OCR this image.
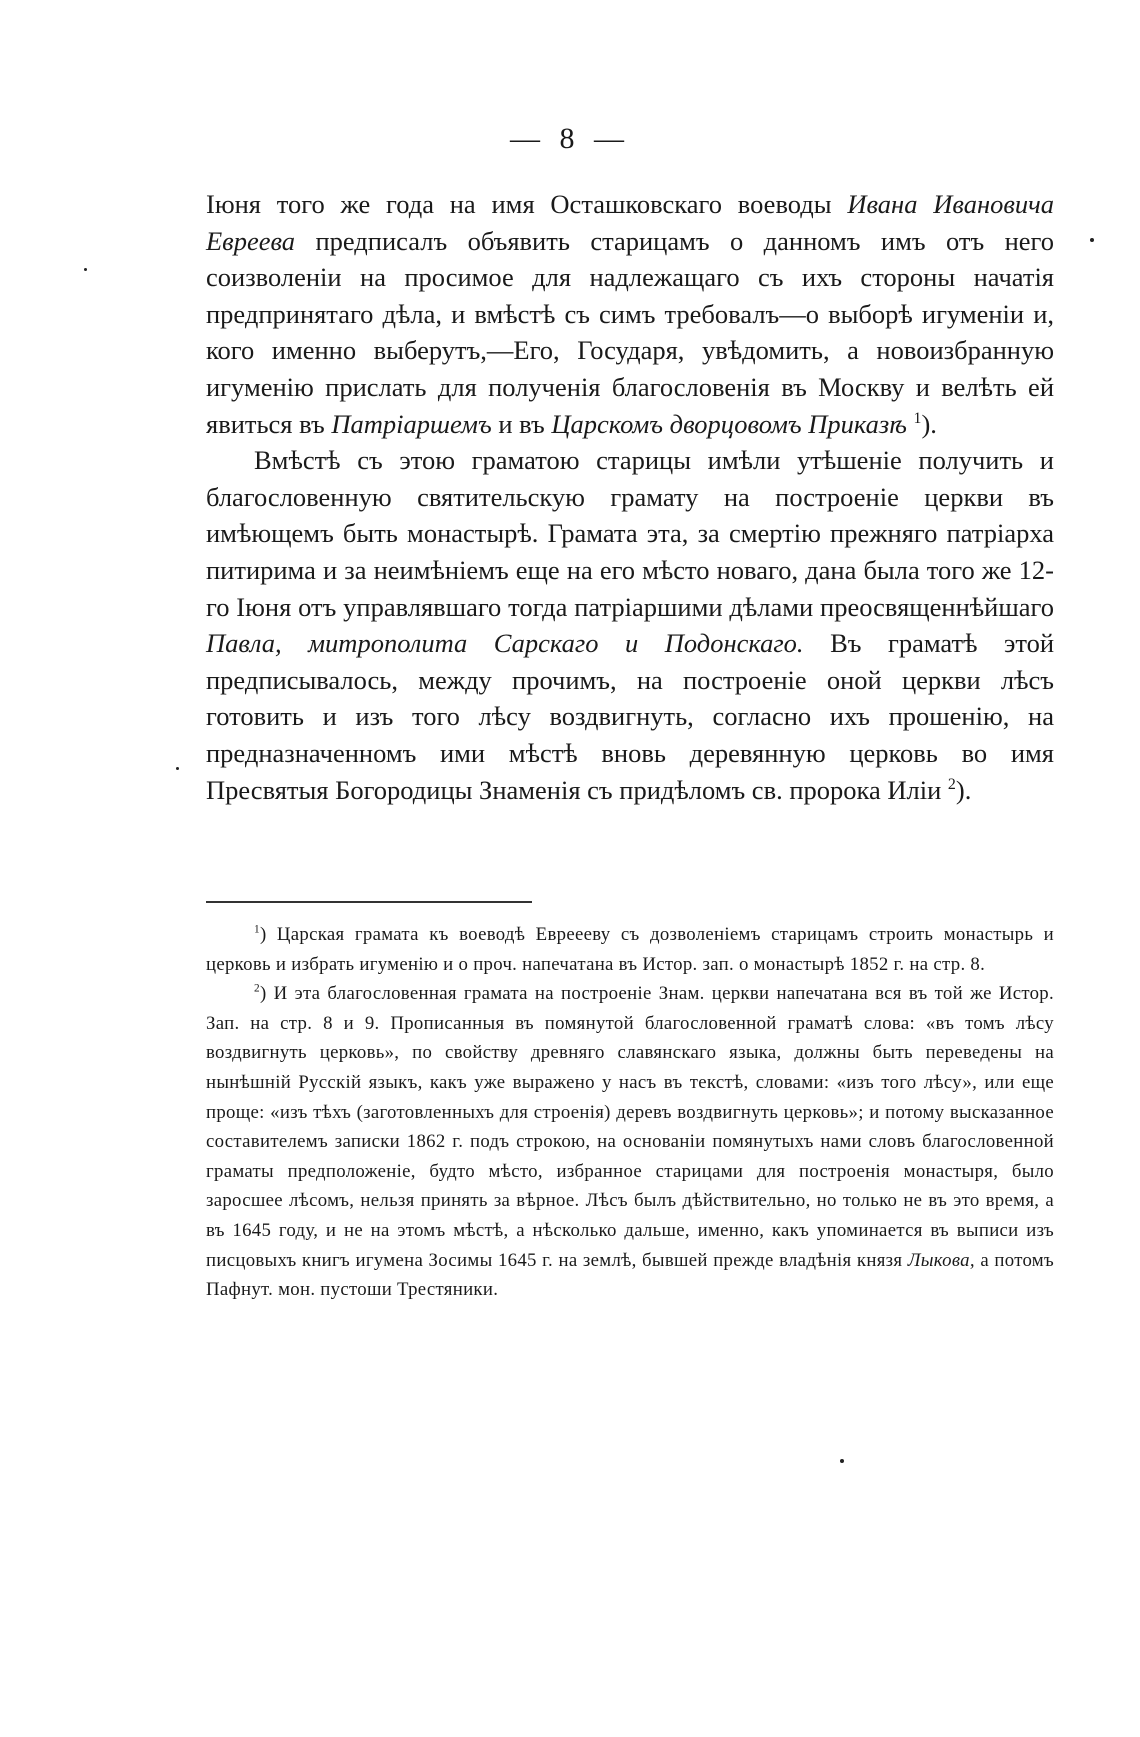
— 8 —

Іюня того же года на имя Осташковскаго воеводы Ивана Ивановича Евреева предписалъ объявить старицамъ о данномъ имъ отъ него соизволеніи на просимое для надлежащаго съ ихъ стороны начатія предпринятаго дѣла, и вмѣстѣ съ симъ требовалъ—о выборѣ игуменіи и, кого именно выберутъ,—Его, Государя, увѣдомить, а новоизбранную игуменію прислать для полученія благословенія въ Москву и велѣть ей явиться въ Патріаршемъ и въ Царскомъ дворцовомъ Приказѣ $^1$).

Вмѣстѣ съ этою граматою старицы имѣли утѣшеніе получить и благословенную святительскую грамату на построеніе церкви въ имѣющемъ быть монастырѣ. Грамата эта, за смертію прежняго патріарха питирима и за неимѣніемъ еще на его мѣсто новаго, дана была того же 12-го Іюня отъ управлявшаго тогда патріаршими дѣлами преосвященнѣйшаго Павла, митрополита Сарскаго и Подонскаго. Въ граматѣ этой предписывалось, между прочимъ, на построеніе оной церкви лѣсъ готовить и изъ того лѣсу воздвигнуть, согласно ихъ прошенію, на предназначенномъ ими мѣстѣ вновь деревянную церковь во имя Пресвятыя Богородицы Знаменія съ придѣломъ св. пророка Иліи $^2$).

$^1$) Царская грамата къ воеводѣ Евреееву съ дозволеніемъ старицамъ строить монастырь и церковь и избрать игуменію и о проч. напечатана въ Истор. зап. о монастырѣ 1852 г. на стр. 8.

$^2$) И эта благословенная грамата на построеніе Знам. церкви напечатана вся въ той же Истор. Зап. на стр. 8 и 9. Прописанныя въ помянутой благословенной граматѣ слова: «въ томъ лѣсу воздвигнуть церковь», по свойству древняго славянскаго языка, должны быть переведены на нынѣшній Русскій языкъ, какъ уже выражено у насъ въ текстѣ, словами: «изъ того лѣсу», или еще проще: «изъ тѣхъ (заготовленныхъ для строенія) деревъ воздвигнуть церковь»; и потому высказанное составителемъ записки 1862 г. подъ строкою, на основаніи помянутыхъ нами словъ благословенной граматы предположеніе, будто мѣсто, избранное старицами для построенія монастыря, было заросшее лѣсомъ, нельзя принять за вѣрное. Лѣсъ былъ дѣйствительно, но только не въ это время, а въ 1645 году, и не на этомъ мѣстѣ, а нѣсколько дальше, именно, какъ упоминается въ выписи изъ писцовыхъ книгъ игумена Зосимы 1645 г. на землѣ, бывшей прежде владѣнія князя Лыкова, а потомъ Пафнут. мон. пустоши Трестяники.
